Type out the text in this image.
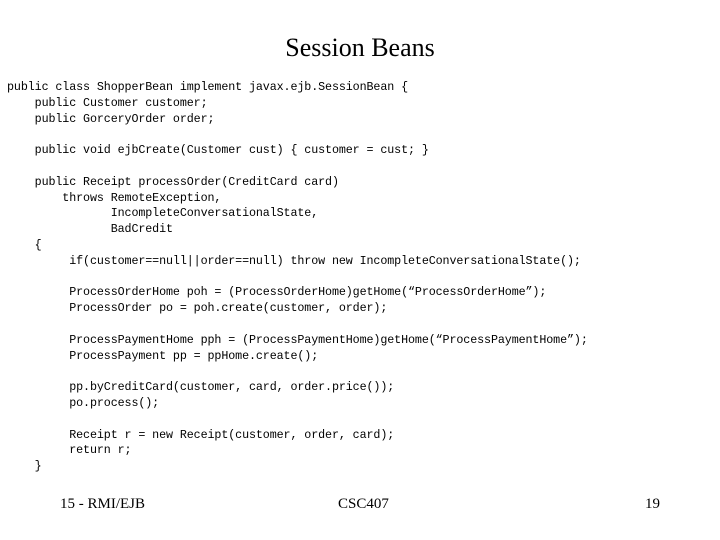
Session Beans
public class ShopperBean implement javax.ejb.SessionBean {
public Customer customer;
public GorceryOrder order;
public void ejbCreate(Customer cust) { customer = cust; }
public Receipt processOrder(CreditCard card)
throws RemoteException,
IncompleteConversationalState,
BadCredit
{
if(customer==null||order==null) throw new IncompleteConversationalState();
ProcessOrderHome poh = (ProcessOrderHome)getHome(“ProcessOrderHome”);
ProcessOrder po = poh.create(customer, order);
ProcessPaymentHome pph = (ProcessPaymentHome)getHome(“ProcessPaymentHome”);
ProcessPayment pp = ppHome.create();
pp.byCreditCard(customer, card, order.price());
po.process();
Receipt r = new Receipt(customer, order, card);
return r;
}
15 - RMI/EJB	CSC407	19
